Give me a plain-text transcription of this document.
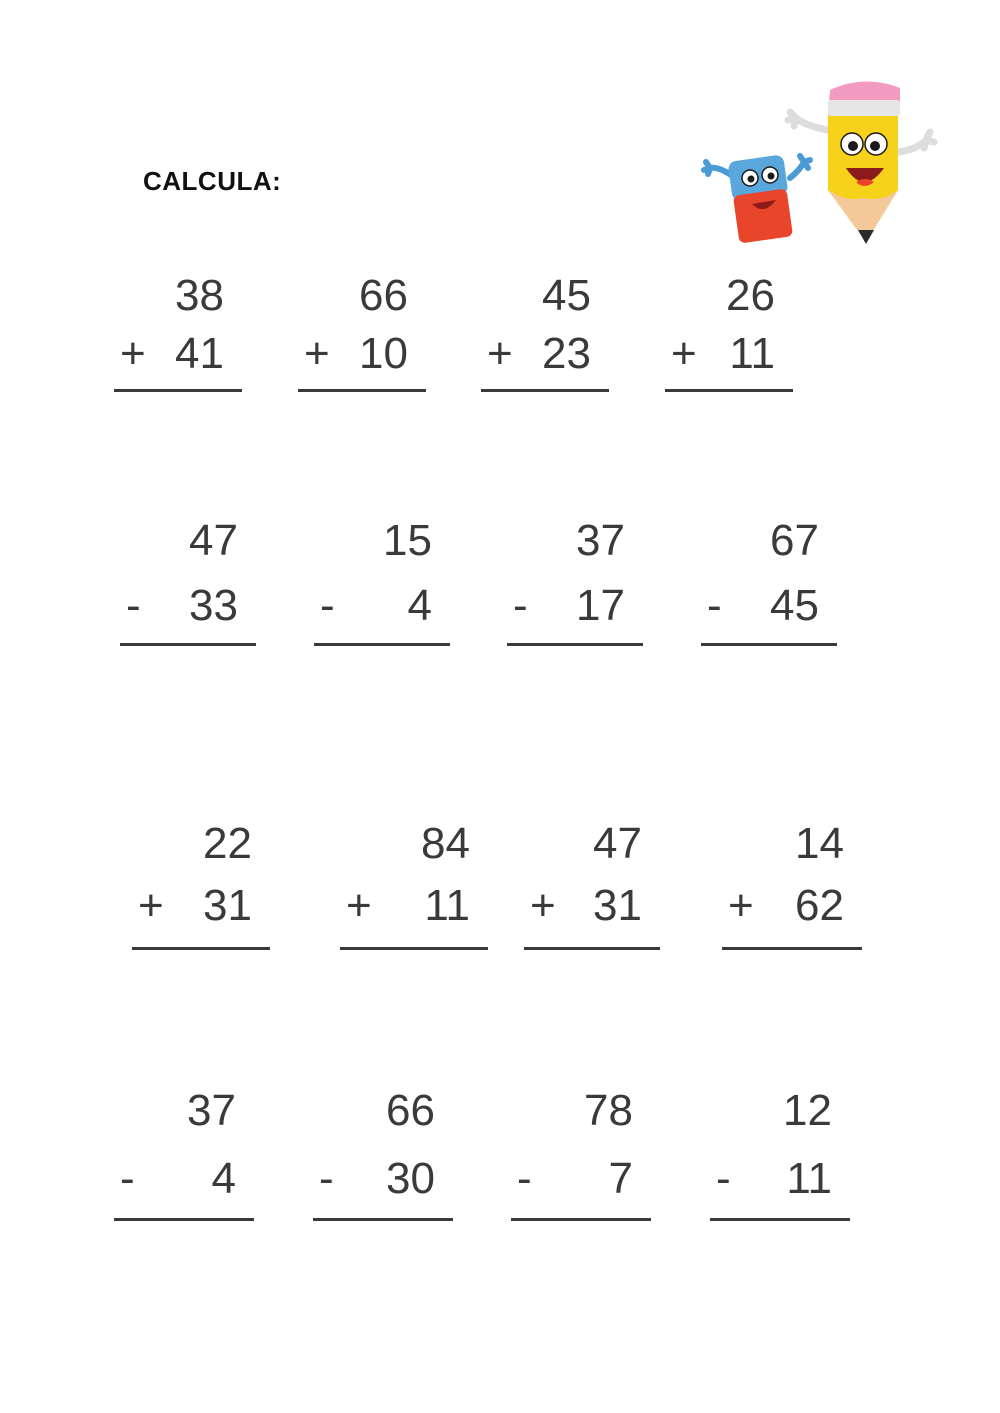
CALCULA:
38
+ 41
66
+ 10
45
+ 23
26
+ 11
47
-	33
15
-	4
37
-	17
67
-	45
22
+ 31
84
+	11
47
+ 31
14
+ 62
37
-	4
66
-	30
78
-	7
12
-	11
